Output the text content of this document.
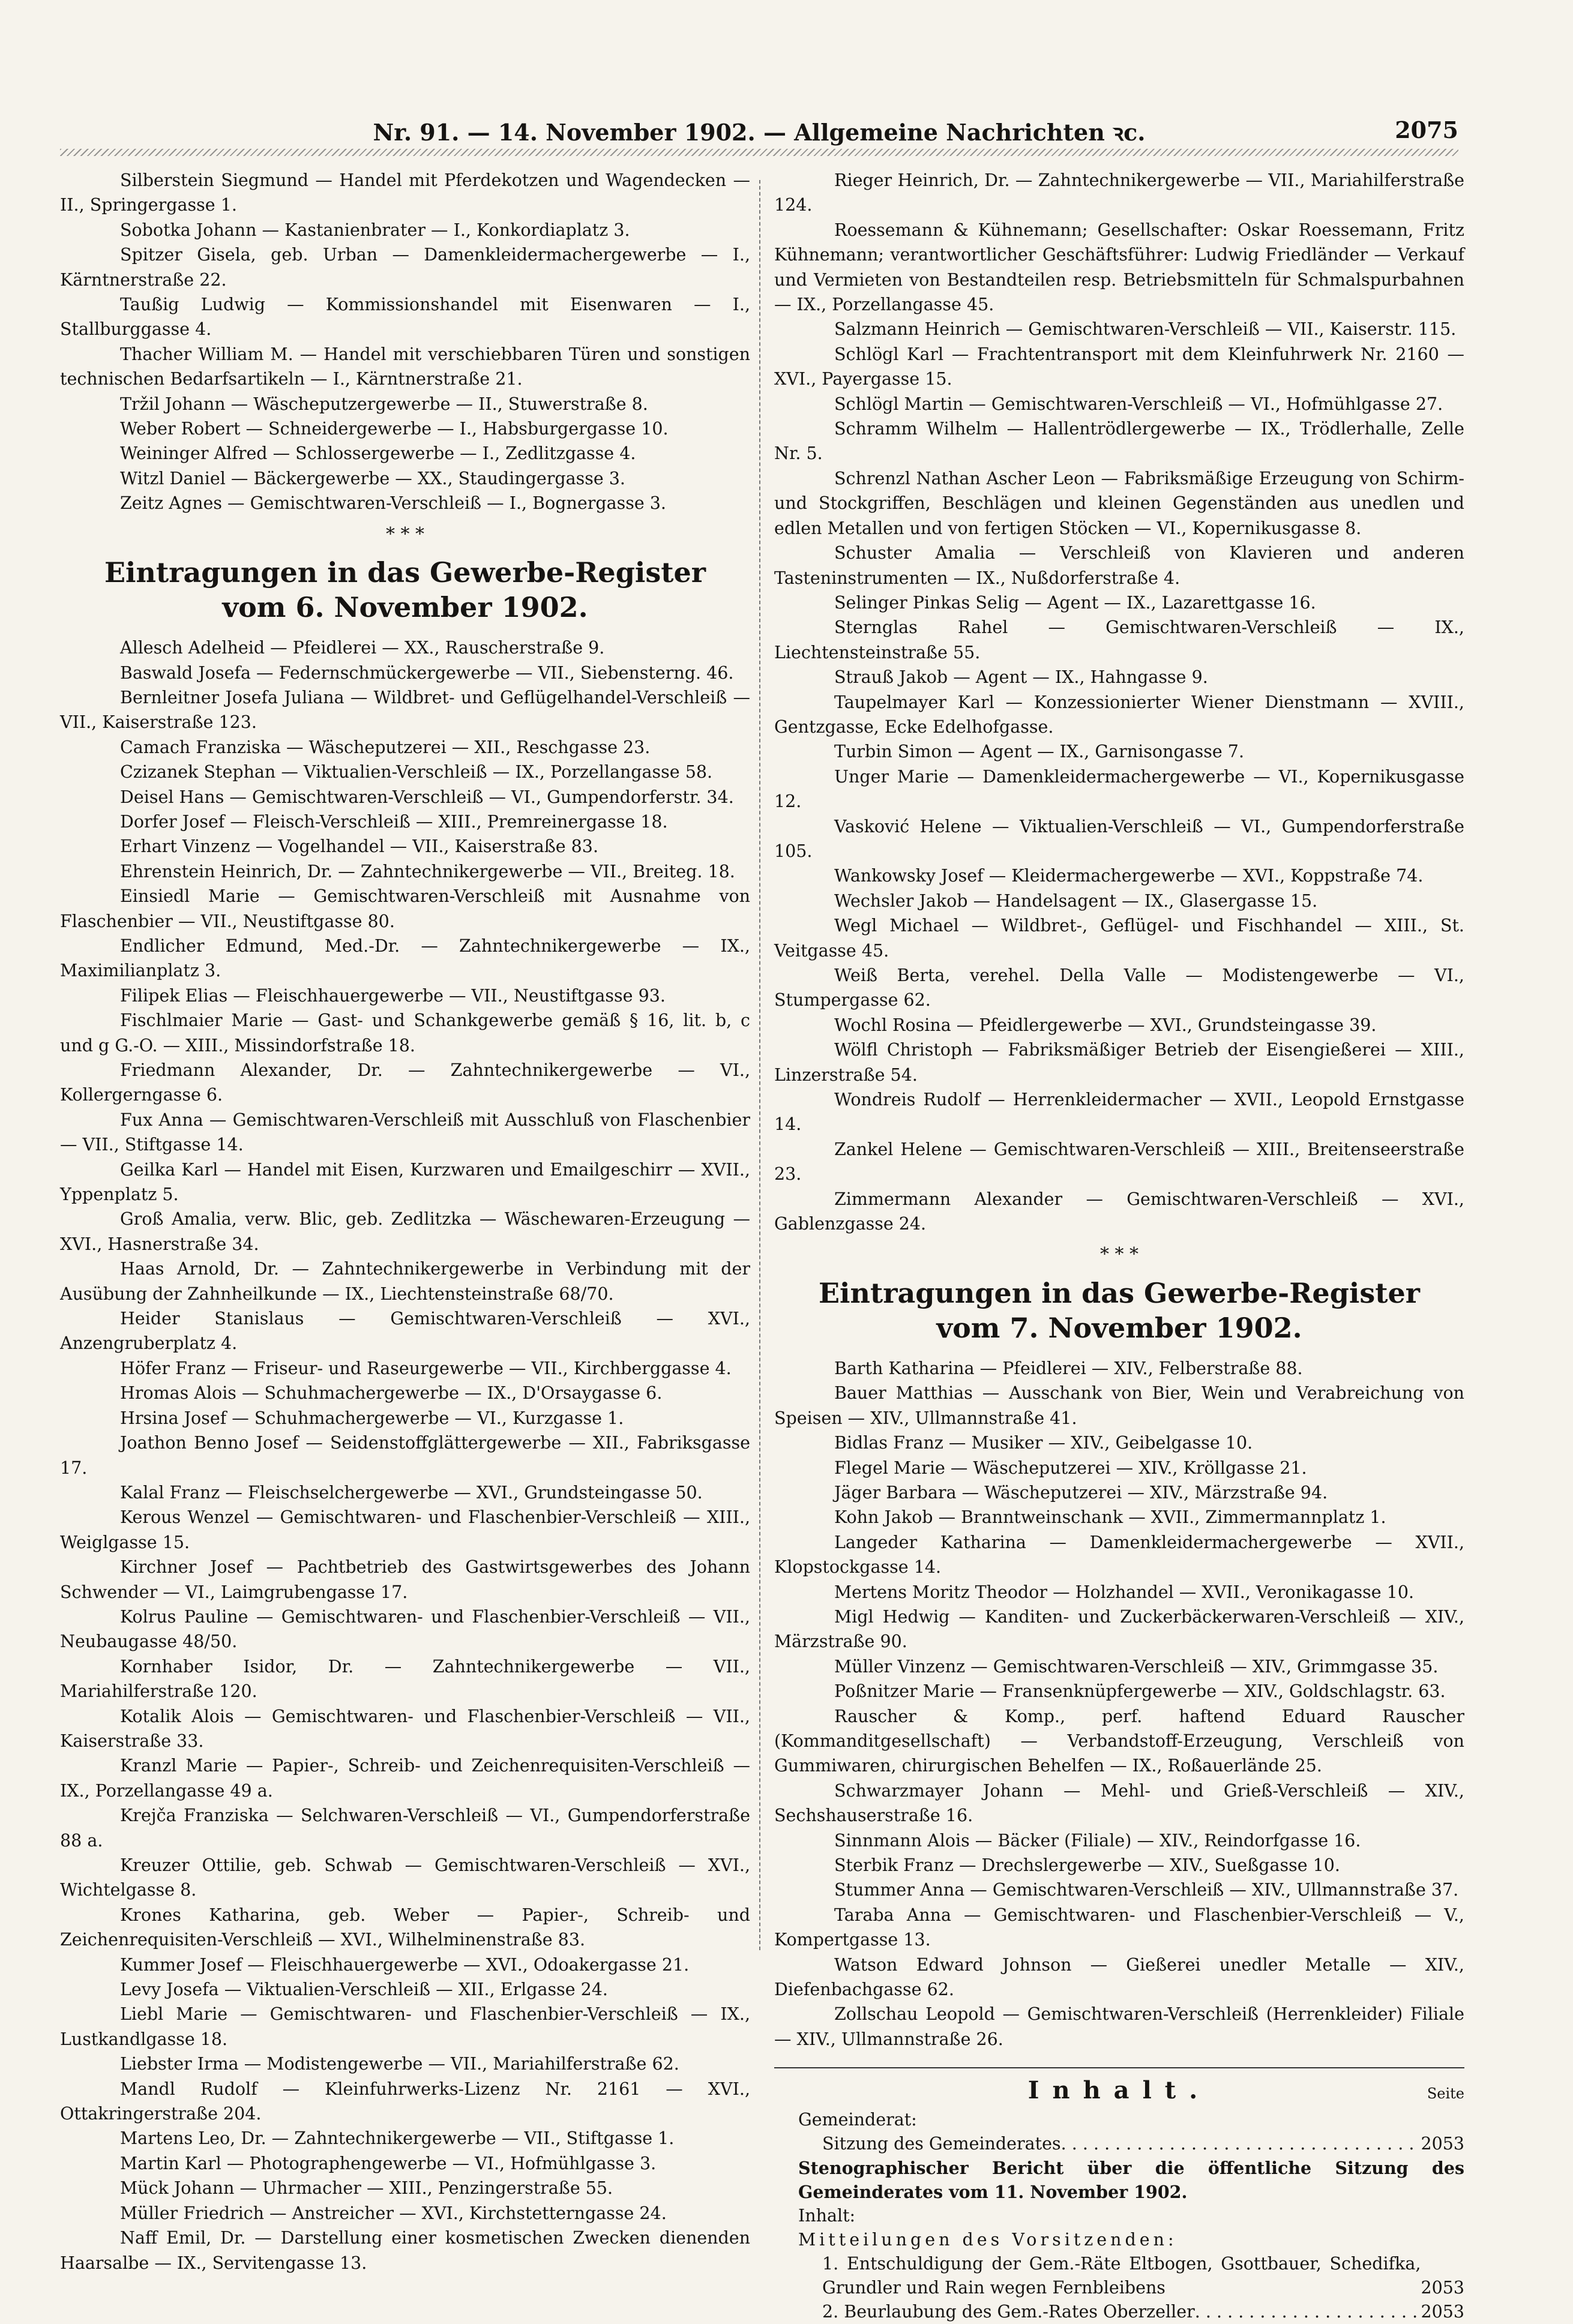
Nr. 91. — 14. November 1902. — Allgemeine Nachrichten ꝛc.	2075

Silberstein Siegmund — Handel mit Pferdekotzen und Wagendecken — II., Springergasse 1.

Sobotka Johann — Kastanienbrater — I., Konkordiaplatz 3.

Spitzer Gisela, geb. Urban — Damenkleidermachergewerbe — I., Kärntnerstraße 22.

Taußig Ludwig — Kommissionshandel mit Eisenwaren — I., Stallburggasse 4.

Thacher William M. — Handel mit verschiebbaren Türen und sonstigen technischen Bedarfsartikeln — I., Kärntnerstraße 21.

Tržil Johann — Wäscheputzergewerbe — II., Stuwerstraße 8.

Weber Robert — Schneidergewerbe — I., Habsburgergasse 10.

Weininger Alfred — Schlossergewerbe — I., Zedlitzgasse 4.

Witzl Daniel — Bäckergewerbe — XX., Staudingergasse 3.

Zeitz Agnes — Gemischtwaren-Verschleiß — I., Bognergasse 3.

* * *
Eintragungen in das Gewerbe-Register
vom 6. November 1902.

Allesch Adelheid — Pfeidlerei — XX., Rauscherstraße 9.

Baswald Josefa — Federnschmückergewerbe — VII., Siebensterng. 46.

Bernleitner Josefa Juliana — Wildbret- und Geflügelhandel-Verschleiß — VII., Kaiserstraße 123.

Camach Franziska — Wäscheputzerei — XII., Reschgasse 23.

Czizanek Stephan — Viktualien-Verschleiß — IX., Porzellangasse 58.

Deisel Hans — Gemischtwaren-Verschleiß — VI., Gumpendorferstr. 34.

Dorfer Josef — Fleisch-Verschleiß — XIII., Premreinergasse 18.

Erhart Vinzenz — Vogelhandel — VII., Kaiserstraße 83.

Ehrenstein Heinrich, Dr. — Zahntechnikergewerbe — VII., Breiteg. 18.

Einsiedl Marie — Gemischtwaren-Verschleiß mit Ausnahme von Flaschenbier — VII., Neustiftgasse 80.

Endlicher Edmund, Med.-Dr. — Zahntechnikergewerbe — IX., Maximilianplatz 3.

Filipek Elias — Fleischhauergewerbe — VII., Neustiftgasse 93.

Fischlmaier Marie — Gast- und Schankgewerbe gemäß § 16, lit. b, c und g G.-O. — XIII., Missindorfstraße 18.

Friedmann Alexander, Dr. — Zahntechnikergewerbe — VI., Kollergerngasse 6.

Fux Anna — Gemischtwaren-Verschleiß mit Ausschluß von Flaschenbier — VII., Stiftgasse 14.

Geilka Karl — Handel mit Eisen, Kurzwaren und Emailgeschirr — XVII., Yppenplatz 5.

Groß Amalia, verw. Blic, geb. Zedlitzka — Wäschewaren-Erzeugung — XVI., Hasnerstraße 34.

Haas Arnold, Dr. — Zahntechnikergewerbe in Verbindung mit der Ausübung der Zahnheilkunde — IX., Liechtensteinstraße 68/70.

Heider Stanislaus — Gemischtwaren-Verschleiß — XVI., Anzengruberplatz 4.

Höfer Franz — Friseur- und Raseurgewerbe — VII., Kirchberggasse 4.

Hromas Alois — Schuhmachergewerbe — IX., D'Orsaygasse 6.

Hrsina Josef — Schuhmachergewerbe — VI., Kurzgasse 1.

Joathon Benno Josef — Seidenstoffglättergewerbe — XII., Fabriksgasse 17.

Kalal Franz — Fleischselchergewerbe — XVI., Grundsteingasse 50.

Kerous Wenzel — Gemischtwaren- und Flaschenbier-Verschleiß — XIII., Weiglgasse 15.

Kirchner Josef — Pachtbetrieb des Gastwirtsgewerbes des Johann Schwender — VI., Laimgrubengasse 17.

Kolrus Pauline — Gemischtwaren- und Flaschenbier-Verschleiß — VII., Neubaugasse 48/50.

Kornhaber Isidor, Dr. — Zahntechnikergewerbe — VII., Mariahilferstraße 120.

Kotalik Alois — Gemischtwaren- und Flaschenbier-Verschleiß — VII., Kaiserstraße 33.

Kranzl Marie — Papier-, Schreib- und Zeichenrequisiten-Verschleiß — IX., Porzellangasse 49 a.

Krejča Franziska — Selchwaren-Verschleiß — VI., Gumpendorferstraße 88 a.

Kreuzer Ottilie, geb. Schwab — Gemischtwaren-Verschleiß — XVI., Wichtelgasse 8.

Krones Katharina, geb. Weber — Papier-, Schreib- und Zeichenrequisiten-Verschleiß — XVI., Wilhelminenstraße 83.

Kummer Josef — Fleischhauergewerbe — XVI., Odoakergasse 21.

Levy Josefa — Viktualien-Verschleiß — XII., Erlgasse 24.

Liebl Marie — Gemischtwaren- und Flaschenbier-Verschleiß — IX., Lustkandlgasse 18.

Liebster Irma — Modistengewerbe — VII., Mariahilferstraße 62.

Mandl Rudolf — Kleinfuhrwerks-Lizenz Nr. 2161 — XVI., Ottakringerstraße 204.

Martens Leo, Dr. — Zahntechnikergewerbe — VII., Stiftgasse 1.

Martin Karl — Photographengewerbe — VI., Hofmühlgasse 3.

Mück Johann — Uhrmacher — XIII., Penzingerstraße 55.

Müller Friedrich — Anstreicher — XVI., Kirchstetterngasse 24.

Naff Emil, Dr. — Darstellung einer kosmetischen Zwecken dienenden Haarsalbe — IX., Servitengasse 13.

Rieger Heinrich, Dr. — Zahntechnikergewerbe — VII., Mariahilferstraße 124.

Roessemann & Kühnemann; Gesellschafter: Oskar Roessemann, Fritz Kühnemann; verantwortlicher Geschäftsführer: Ludwig Friedländer — Verkauf und Vermieten von Bestandteilen resp. Betriebsmitteln für Schmalspurbahnen — IX., Porzellangasse 45.

Salzmann Heinrich — Gemischtwaren-Verschleiß — VII., Kaiserstr. 115.

Schlögl Karl — Frachtentransport mit dem Kleinfuhrwerk Nr. 2160 — XVI., Payergasse 15.

Schlögl Martin — Gemischtwaren-Verschleiß — VI., Hofmühlgasse 27.

Schramm Wilhelm — Hallentrödlergewerbe — IX., Trödlerhalle, Zelle Nr. 5.

Schrenzl Nathan Ascher Leon — Fabriksmäßige Erzeugung von Schirm- und Stockgriffen, Beschlägen und kleinen Gegenständen aus unedlen und edlen Metallen und von fertigen Stöcken — VI., Kopernikusgasse 8.

Schuster Amalia — Verschleiß von Klavieren und anderen Tasteninstrumenten — IX., Nußdorferstraße 4.

Selinger Pinkas Selig — Agent — IX., Lazarettgasse 16.

Sternglas Rahel — Gemischtwaren-Verschleiß — IX., Liechtensteinstraße 55.

Strauß Jakob — Agent — IX., Hahngasse 9.

Taupelmayer Karl — Konzessionierter Wiener Dienstmann — XVIII., Gentzgasse, Ecke Edelhofgasse.

Turbin Simon — Agent — IX., Garnisongasse 7.

Unger Marie — Damenkleidermachergewerbe — VI., Kopernikusgasse 12.

Vasković Helene — Viktualien-Verschleiß — VI., Gumpendorferstraße 105.

Wankowsky Josef — Kleidermachergewerbe — XVI., Koppstraße 74.

Wechsler Jakob — Handelsagent — IX., Glasergasse 15.

Wegl Michael — Wildbret-, Geflügel- und Fischhandel — XIII., St. Veitgasse 45.

Weiß Berta, verehel. Della Valle — Modistengewerbe — VI., Stumpergasse 62.

Wochl Rosina — Pfeidlergewerbe — XVI., Grundsteingasse 39.

Wölfl Christoph — Fabriksmäßiger Betrieb der Eisengießerei — XIII., Linzerstraße 54.

Wondreis Rudolf — Herrenkleidermacher — XVII., Leopold Ernstgasse 14.

Zankel Helene — Gemischtwaren-Verschleiß — XIII., Breitenseerstraße 23.

Zimmermann Alexander — Gemischtwaren-Verschleiß — XVI., Gablenzgasse 24.

* * *
Eintragungen in das Gewerbe-Register
vom 7. November 1902.

Barth Katharina — Pfeidlerei — XIV., Felberstraße 88.

Bauer Matthias — Ausschank von Bier, Wein und Verabreichung von Speisen — XIV., Ullmannstraße 41.

Bidlas Franz — Musiker — XIV., Geibelgasse 10.

Flegel Marie — Wäscheputzerei — XIV., Kröllgasse 21.

Jäger Barbara — Wäscheputzerei — XIV., Märzstraße 94.

Kohn Jakob — Branntweinschank — XVII., Zimmermannplatz 1.

Langeder Katharina — Damenkleidermachergewerbe — XVII., Klopstockgasse 14.

Mertens Moritz Theodor — Holzhandel — XVII., Veronikagasse 10.

Migl Hedwig — Kanditen- und Zuckerbäckerwaren-Verschleiß — XIV., Märzstraße 90.

Müller Vinzenz — Gemischtwaren-Verschleiß — XIV., Grimmgasse 35.

Poßnitzer Marie — Fransenknüpfergewerbe — XIV., Goldschlagstr. 63.

Rauscher & Komp., perf. haftend Eduard Rauscher (Kommanditgesellschaft) — Verbandstoff-Erzeugung, Verschleiß von Gummiwaren, chirurgischen Behelfen — IX., Roßauerlände 25.

Schwarzmayer Johann — Mehl- und Grieß-Verschleiß — XIV., Sechshauserstraße 16.

Sinnmann Alois — Bäcker (Filiale) — XIV., Reindorfgasse 16.

Sterbik Franz — Drechslergewerbe — XIV., Sueßgasse 10.

Stummer Anna — Gemischtwaren-Verschleiß — XIV., Ullmannstraße 37.

Taraba Anna — Gemischtwaren- und Flaschenbier-Verschleiß — V., Kompertgasse 13.

Watson Edward Johnson — Gießerei unedler Metalle — XIV., Diefenbachgasse 62.

Zollschau Leopold — Gemischtwaren-Verschleiß (Herrenkleider) Filiale — XIV., Ullmannstraße 26.

Inhalt.	Seite
Gemeinderat:
Sitzung des Gemeinderates . . .	2053
Stenographischer Bericht über die öffentliche Sitzung des Gemeinderates vom 11. November 1902.
Inhalt:
Mitteilungen des Vorsitzenden:
1. Entschuldigung der Gem.-Räte Eltbogen, Gsottbauer, Schedifka, Grundler und Rain wegen Fernbleibens	2053
2. Beurlaubung des Gem.-Rates Oberzeller . . .	2053
